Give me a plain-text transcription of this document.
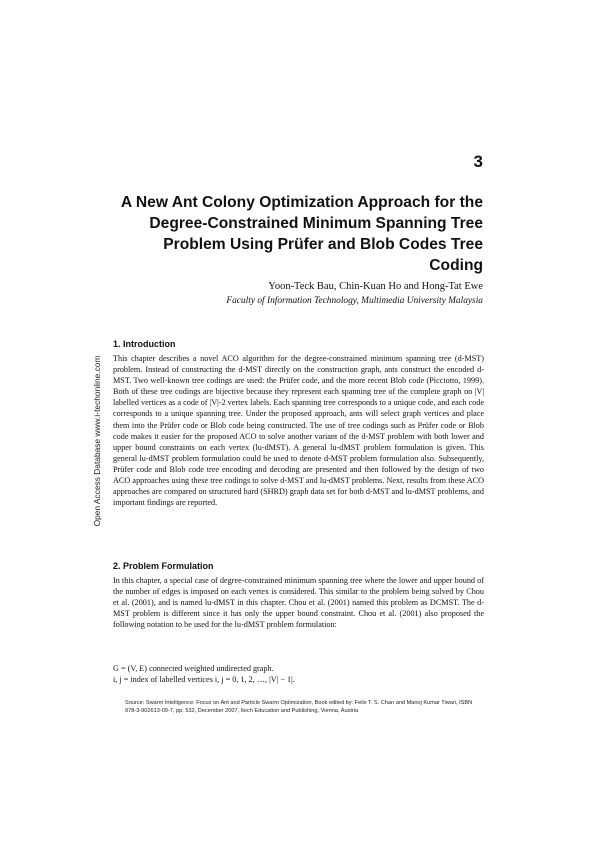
3
A New Ant Colony Optimization Approach for the Degree-Constrained Minimum Spanning Tree Problem Using Prüfer and Blob Codes Tree Coding
Yoon-Teck Bau, Chin-Kuan Ho and Hong-Tat Ewe
Faculty of Information Technology, Multimedia University Malaysia
1. Introduction

This chapter describes a novel ACO algorithm for the degree-constrained minimum spanning tree (d-MST) problem. Instead of constructing the d-MST directly on the construction graph, ants construct the encoded d-MST. Two well-known tree codings are used: the Prüfer code, and the more recent Blob code (Picciotto, 1999). Both of these tree codings are bijective because they represent each spanning tree of the complete graph on |V| labelled vertices as a code of |V|-2 vertex labels. Each spanning tree corresponds to a unique code, and each code corresponds to a unique spanning tree. Under the proposed approach, ants will select graph vertices and place them into the Prüfer code or Blob code being constructed. The use of tree codings such as Prüfer code or Blob code makes it easier for the proposed ACO to solve another variant of the d-MST problem with both lower and upper bound constraints on each vertex (lu-dMST). A general lu-dMST problem formulation is given. This general lu-dMST problem formulation could be used to denote d-MST problem formulation also. Subsequently, Prüfer code and Blob code tree encoding and decoding are presented and then followed by the design of two ACO approaches using these tree codings to solve d-MST and lu-dMST problems. Next, results from these ACO approaches are compared on structured hard (SHRD) graph data set for both d-MST and lu-dMST problems, and important findings are reported.

2. Problem Formulation

In this chapter, a special case of degree-constrained minimum spanning tree where the lower and upper bound of the number of edges is imposed on each vertex is considered. This similar to the problem being solved by Chou et al. (2001), and is named lu-dMST in this chapter. Chou et al. (2001) named this problem as DCMST. The d-MST problem is different since it has only the upper bound constraint. Chou et al. (2001) also proposed the following notation to be used for the lu-dMST problem formulation:

G = (V, E) connected weighted undirected graph.
i, j = index of labelled vertices i, j = 0, 1, 2, …, |V| − 1|.
Source: Swarm Intelligence: Focus on Ant and Particle Swarm Optimization, Book edited by: Felix T. S. Chan and Manoj Kumar Tiwari, ISBN 978-3-902613-09-7, pp. 532, December 2007, Itech Education and Publishing, Vienna, Austria
Open Access Database www.i-techonline.com
